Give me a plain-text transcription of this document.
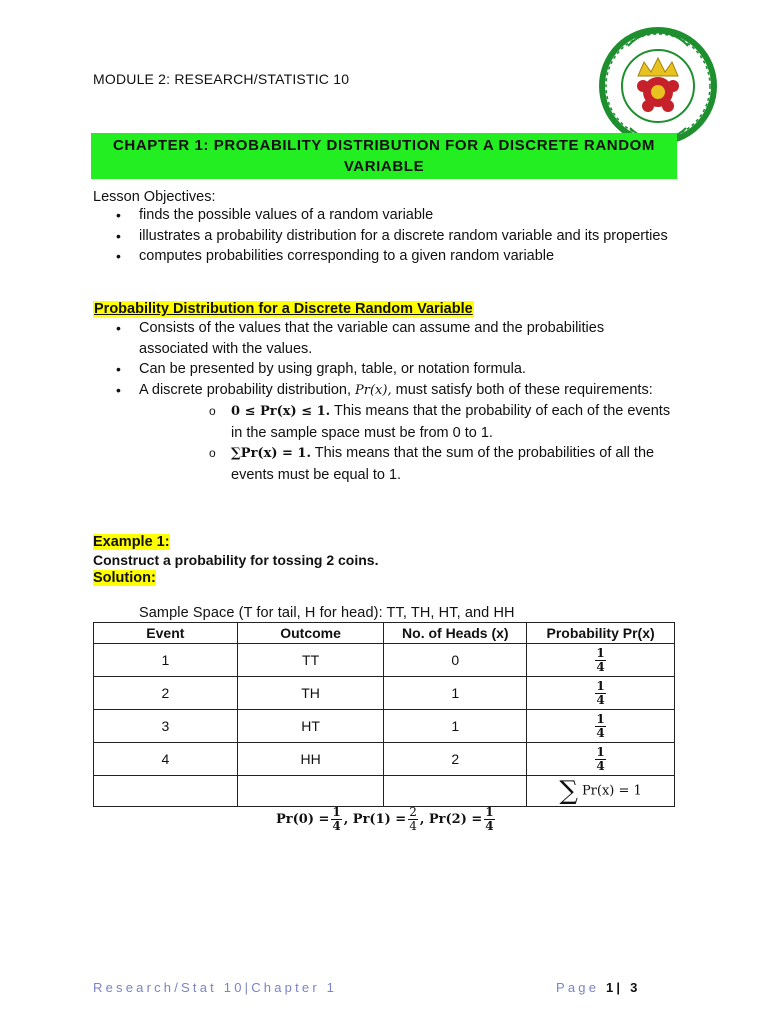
MODULE 2: RESEARCH/STATISTIC 10
CHAPTER 1: PROBABILITY DISTRIBUTION FOR A DISCRETE RANDOM
VARIABLE
Lesson Objectives:
• finds the possible values of a random variable
• illustrates a probability distribution for a discrete random variable and its properties
• computes probabilities corresponding to a given random variable
Probability Distribution for a Discrete Random Variable
• Consists of the values that the variable can assume and the probabilities associated with the values.
• Can be presented by using graph, table, or notation formula.
• A discrete probability distribution, Pr(x), must satisfy both of these requirements:
o 0 ≤ Pr(x) ≤ 1. This means that the probability of each of the events in the sample space must be from 0 to 1.
o ∑Pr(x) = 1. This means that the sum of the probabilities of all the events must be equal to 1.
Example 1:
Construct a probability for tossing 2 coins.
Solution:
Sample Space (T for tail, H for head): TT, TH, HT, and HH
Event	Outcome	No. of Heads (x)	Probability Pr(x)
1	TT	0	$\frac{1}{4}$

2	TH	1	$\frac{1}{4}$

3	HT	1	$\frac{1}{4}$

4	HH	2	$\frac{1}{4}$

			∑ Pr(x) = 1
$Pr(0) = \frac{1}{4}$ , $Pr(1) = \frac{2}{4}$ , $Pr(2) = \frac{1}{4}$
Research/Stat 10|Chapter 1	Page 1| 3
